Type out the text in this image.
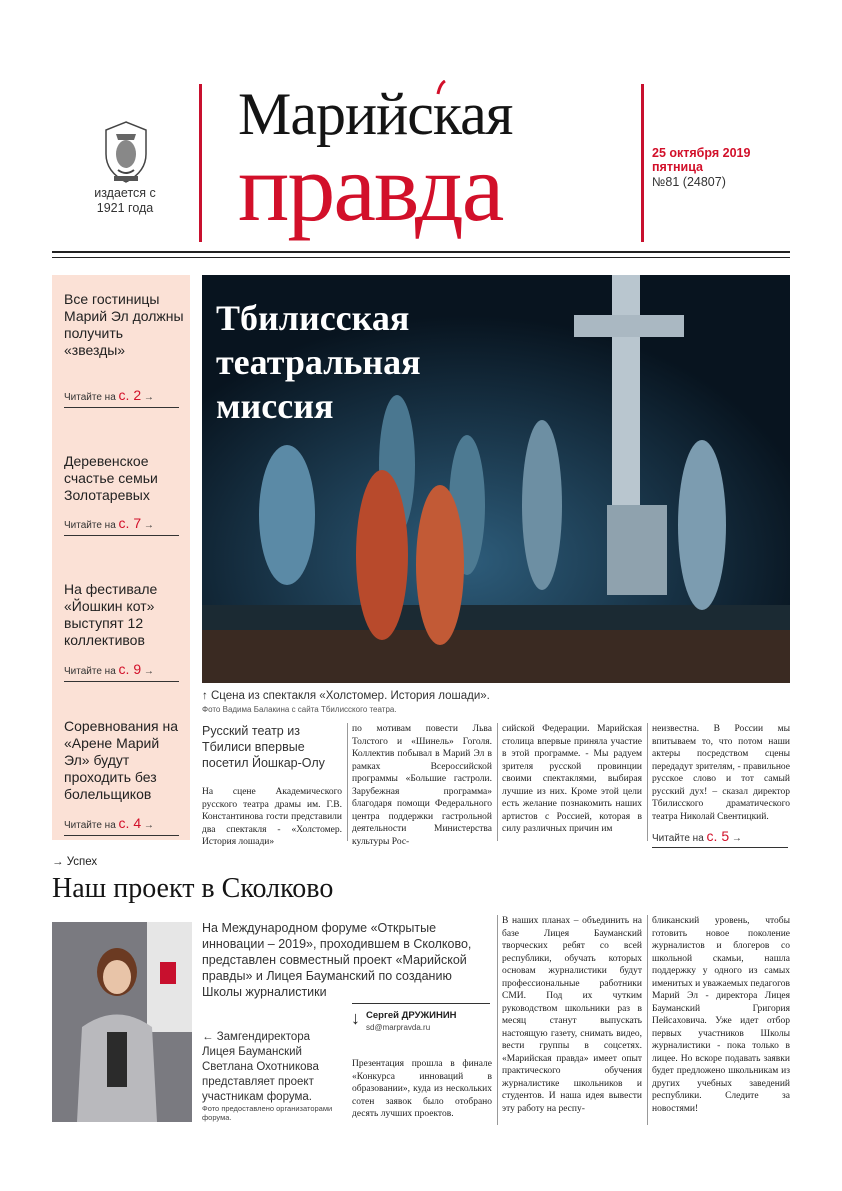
издается с 1921 года
Марийская
правда	25 октября 2019
пятница
№81 (24807)
Все гостиницы Марий Эл должны получить «звезды»
Читайте на с. 2 →
Деревенское счастье семьи Золотаревых
Читайте на с. 7 →
На фестивале «Йошкин кот» выступят 12 коллективов
Читайте на с. 9 →
Соревнования на «Арене Марий Эл» будут проходить без болельщиков
Читайте на с. 4 →
Тбилисская театральная миссия
↑ Сцена из спектакля «Холстомер. История лошади».
Фото Вадима Балакина с сайта Тбилисского театра.
Русский театр из Тбилиси впервые посетил Йошкар-Олу
На сцене Академического русского театра драмы им. Г.В. Константинова гости представили два спектакля - «Холстомер. История лошади»
по мотивам повести Льва Толстого и «Шинель» Гоголя. Коллектив побывал в Марий Эл в рамках Всероссийской программы «Большие гастроли. Зарубежная программа» благодаря помощи Федерального центра поддержки гастрольной деятельности Министерства культуры Рос-
сийской Федерации. Марийская столица впервые приняла участие в этой программе. - Мы радуем зрителя русской провинции своими спектаклями, выбирая лучшие из них. Кроме этой цели есть желание познакомить наших артистов с Россией, которая в силу различных причин им
неизвестна. В России мы впитываем то, что потом наши актеры посредством сцены передадут зрителям, - правильное русское слово и тот самый русский дух! – сказал директор Тбилисского драматического театра Николай Свентицкий.
Читайте на с. 5 →
→ Успех
Наш проект в Сколково
На Международном форуме «Открытые инновации – 2019», проходившем в Сколково, представлен совместный проект «Марийской правды» и Лицея Бауманский по созданию Школы журналистики
← Замгендиректора Лицея Бауманский Светлана Охотникова представляет проект участникам форума.
Фото предоставлено организаторами форума.
↓ Сергей ДРУЖИНИН
sd@marpravda.ru
Презентация прошла в финале «Конкурса инноваций в образовании», куда из нескольких сотен заявок было отобрано десять лучших проектов.
В наших планах – объединить на базе Лицея Бауманский творческих ребят со всей республики, обучать которых основам журналистики будут профессиональные работники СМИ. Под их чутким руководством школьники раз в месяц станут выпускать настоящую газету, снимать видео, вести группы в соцсетях. «Марийская правда» имеет опыт практического обучения журналистике школьников и студентов. И наша идея вывести эту работу на респу-
бликанский уровень, чтобы готовить новое поколение журналистов и блогеров со школьной скамьи, нашла поддержку у одного из самых именитых и уважаемых педагогов Марий Эл - директора Лицея Бауманский Григория Пейсаховича. Уже идет отбор первых участников Школы журналистики - пока только в лицее. Но вскоре подавать заявки будет предложено школьникам из других учебных заведений республики. Следите за новостями!
